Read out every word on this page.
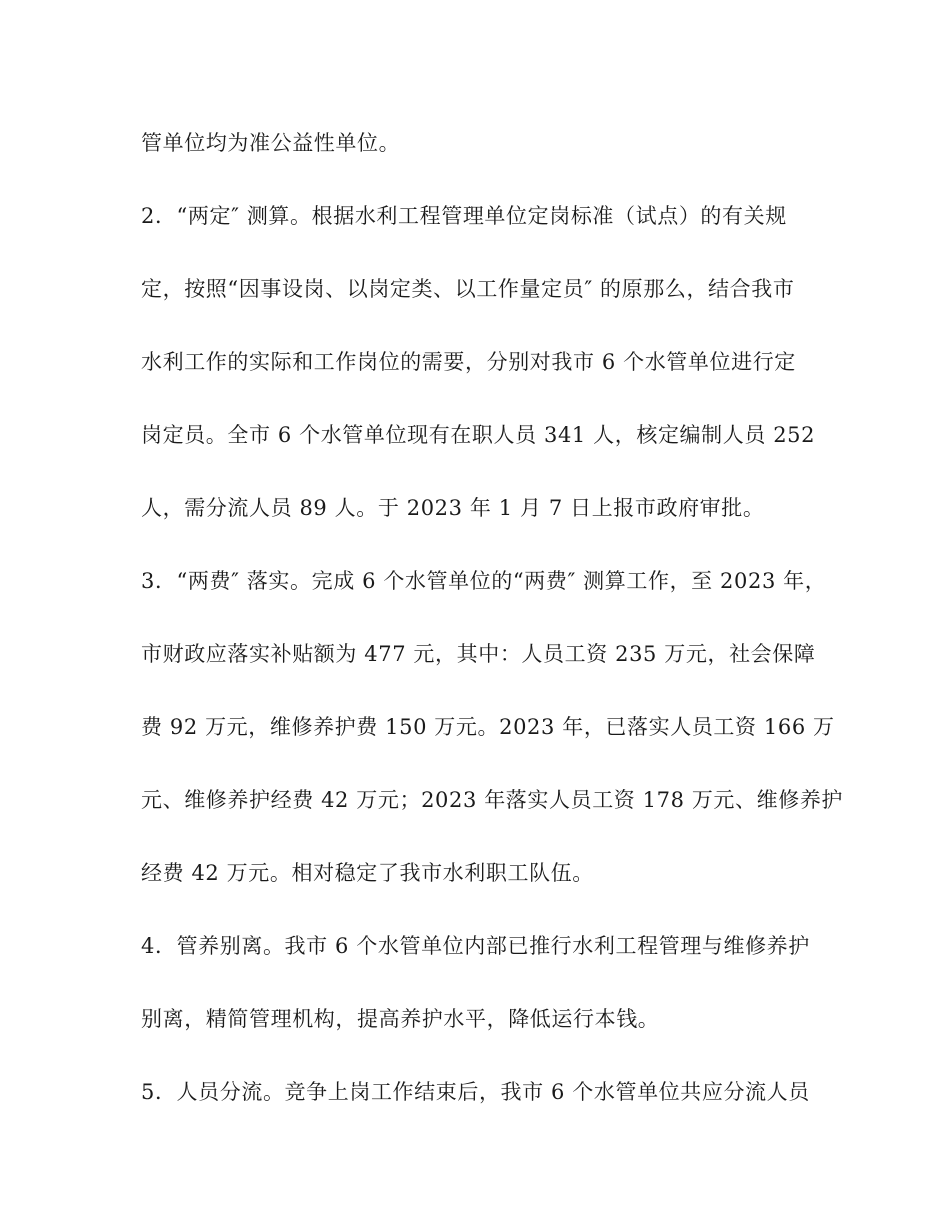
管单位均为准公益性单位。
2．“两定″ 测算。根据水利工程管理单位定岗标准（试点）的有关规
定，按照“因事设岗、以岗定类、以工作量定员″ 的原那么，结合我市
水利工作的实际和工作岗位的需要，分别对我市 6 个水管单位进行定
岗定员。全市 6 个水管单位现有在职人员 341 人，核定编制人员 252
人，需分流人员 89 人。于 2023 年 1 月 7 日上报市政府审批。
3．“两费″ 落实。完成 6 个水管单位的“两费″ 测算工作，至 2023 年，
市财政应落实补贴额为 477 元，其中：人员工资 235 万元，社会保障
费 92 万元，维修养护费 150 万元。2023 年，已落实人员工资 166 万
元、维修养护经费 42 万元；2023 年落实人员工资 178 万元、维修养护
经费 42 万元。相对稳定了我市水利职工队伍。
4．管养别离。我市 6 个水管单位内部已推行水利工程管理与维修养护
别离，精简管理机构，提高养护水平，降低运行本钱。
5．人员分流。竞争上岗工作结束后，我市 6 个水管单位共应分流人员
